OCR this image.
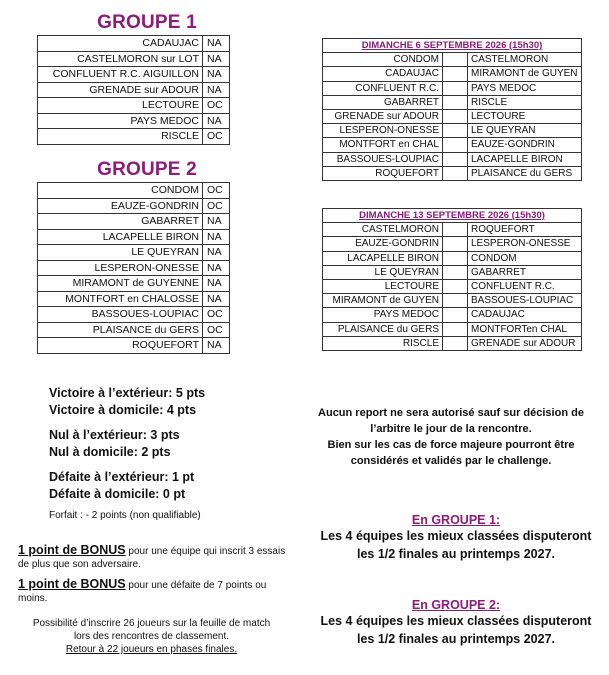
GROUPE 1
CADAUJAC	NA
CASTELMORON sur LOT	NA
CONFLUENT R.C. AIGUILLON	NA
GRENADE sur ADOUR	NA
LECTOURE	OC
PAYS MEDOC	NA
RISCLE	OC
GROUPE 2
CONDOM	OC
EAUZE-GONDRIN	OC
GABARRET	NA
LACAPELLE BIRON	NA
LE QUEYRAN	NA
LESPERON-ONESSE	NA
MIRAMONT de GUYENNE	NA
MONTFORT en CHALOSSE	NA
BASSOUES-LOUPIAC	OC
PLAISANCE du GERS	OC
ROQUEFORT	NA
DIMANCHE 6 SEPTEMBRE 2026 (15h30)		
CONDOM		CASTELMORON
CADAUJAC		MIRAMONT de GUYEN
CONFLUENT R.C.		PAYS MEDOC
GABARRET		RISCLE
GRENADE sur ADOUR		LECTOURE
LESPERON-ONESSE		LE QUEYRAN
MONTFORT en CHAL		EAUZE-GONDRIN
BASSOUES-LOUPIAC		LACAPELLE BIRON
ROQUEFORT		PLAISANCE du GERS
DIMANCHE 13 SEPTEMBRE 2026 (15h30)		
CASTELMORON		ROQUEFORT
EAUZE-GONDRIN		LESPERON-ONESSE
LACAPELLE BIRON		CONDOM
LE QUEYRAN		GABARRET
LECTOURE		CONFLUENT R.C.
MIRAMONT de GUYEN		BASSOUES-LOUPIAC
PAYS MEDOC		CADAUJAC
PLAISANCE du GERS		MONTFORTen CHAL
RISCLE		GRENADE sur ADOUR
Victoire à l’extérieur: 5 pts
Victoire à domicile: 4 pts
Nul à l’extérieur: 3 pts
Nul à domicile: 2 pts
Défaite à l’extérieur: 1 pt
Défaite à domicile: 0 pt
Forfait : - 2 points (non qualifiable)
1 point de BONUS pour une équipe qui inscrit 3 essais de plus que son adversaire.
1 point de BONUS pour une défaite de 7 points ou moins.
Possibilité d’inscrire 26 joueurs sur la feuille de match
lors des rencontres de classement.
Retour à 22 joueurs en phases finales.
Aucun report ne sera autorisé sauf sur décision de
l’arbitre le jour de la rencontre.
Bien sur les cas de force majeure pourront être
considérés et validés par le challenge.
En GROUPE 1:
Les 4 équipes les mieux classées disputeront
les 1/2 finales au printemps 2027.
En GROUPE 2:
Les 4 équipes les mieux classées disputeront
les 1/2 finales au printemps 2027.
